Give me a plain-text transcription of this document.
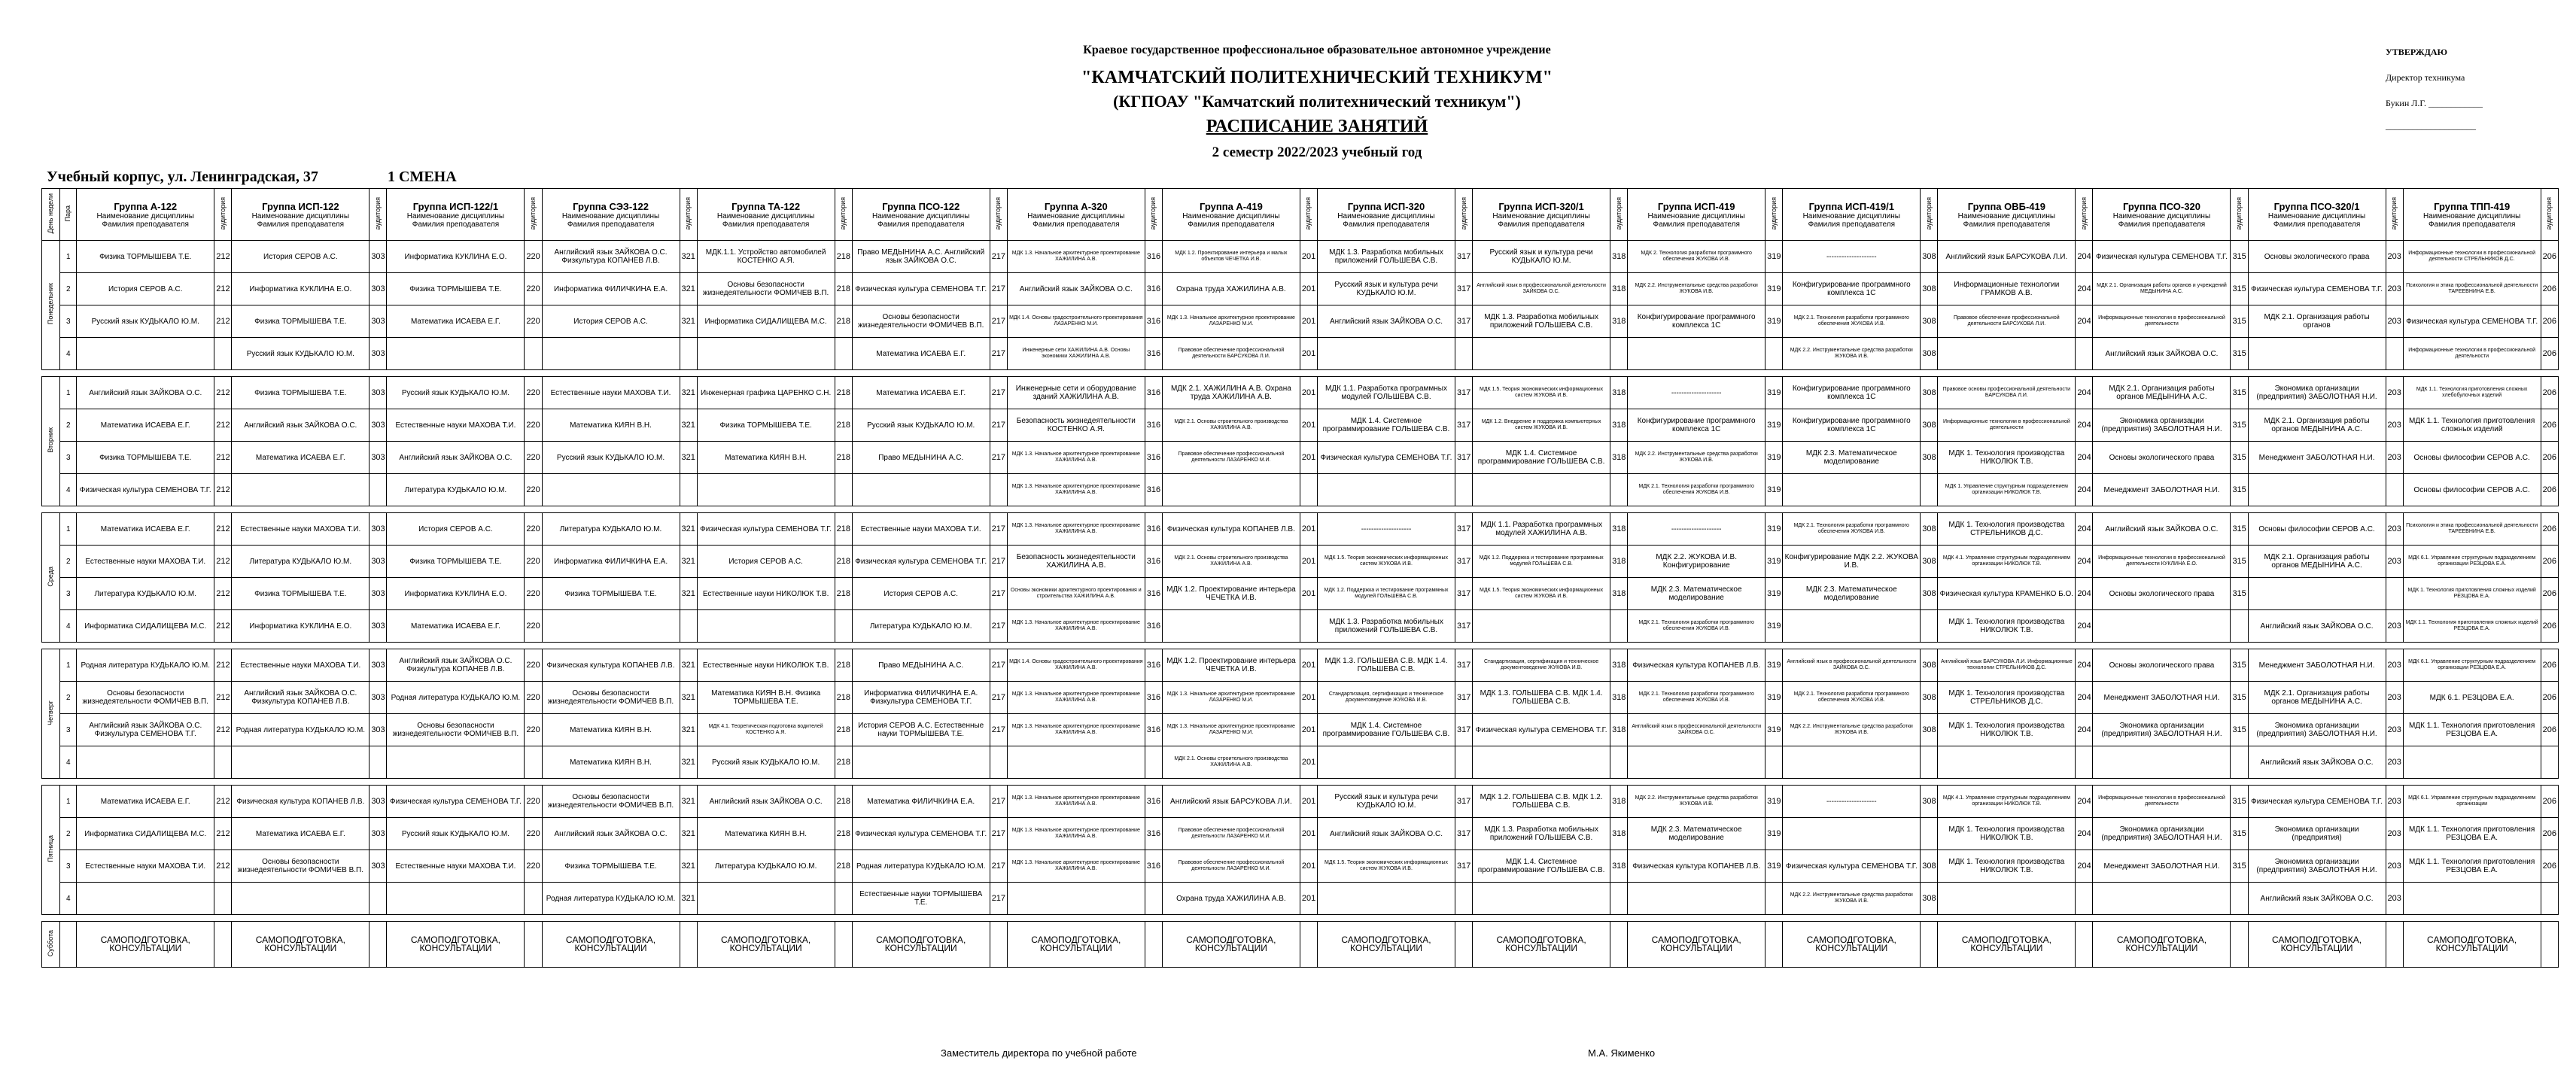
Краевое государственное профессиональное образовательное автономное учреждение
"КАМЧАТСКИЙ ПОЛИТЕХНИЧЕСКИЙ ТЕХНИКУМ"
(КГПОАУ "Камчатский политехнический техникум")
РАСПИСАНИЕ ЗАНЯТИЙ
2 семестр 2022/2023 учебный год
УТВЕРЖДАЮ
Директор техникума
Букин Л.Г. ____________
____________________
Учебный корпус, ул. Ленинградская, 37	1 СМЕНА
День недели	Пара	Группа А-122
Наименование дисциплины
Фамилия преподавателя	аудитория	Группа ИСП-122
Наименование дисциплины
Фамилия преподавателя	аудитория	Группа ИСП-122/1
Наименование дисциплины
Фамилия преподавателя	аудитория	Группа СЭЗ-122
Наименование дисциплины
Фамилия преподавателя	аудитория	Группа ТА-122
Наименование дисциплины
Фамилия преподавателя	аудитория	Группа ПСО-122
Наименование дисциплины
Фамилия преподавателя	аудитория	Группа А-320
Наименование дисциплины
Фамилия преподавателя	аудитория	Группа А-419
Наименование дисциплины
Фамилия преподавателя	аудитория	Группа ИСП-320
Наименование дисциплины
Фамилия преподавателя	аудитория	Группа ИСП-320/1
Наименование дисциплины
Фамилия преподавателя	аудитория	Группа ИСП-419
Наименование дисциплины
Фамилия преподавателя	аудитория	Группа ИСП-419/1
Наименование дисциплины
Фамилия преподавателя	аудитория	Группа ОВБ-419
Наименование дисциплины
Фамилия преподавателя	аудитория	Группа ПСО-320
Наименование дисциплины
Фамилия преподавателя	аудитория	Группа ПСО-320/1
Наименование дисциплины
Фамилия преподавателя	аудитория	Группа ТПП-419
Наименование дисциплины
Фамилия преподавателя	аудитория
Понедельник	1	Физика ТОРМЫШЕВА Т.Е.	212	История СЕРОВ А.С.	303	Информатика КУКЛИНА Е.О.	220	Английский язык ЗАЙКОВА О.С. Физкультура КОПАНЕВ Л.В.	321	МДК.1.1. Устройство автомобилей КОСТЕНКО А.Я.	218	Право МЕДЫНИНА А.С. Английский язык ЗАЙКОВА О.С.	217	МДК 1.3. Начальное архитектурное проектирование ХАЖИЛИНА А.В.	316	МДК 1.2. Проектирование интерьера и малых объектов ЧЕЧЕТКА И.В.	201	МДК 1.3. Разработка мобильных приложений ГОЛЬШЕВА С.В.	317	Русский язык и культура речи КУДЬКАЛО Ю.М.	318	МДК 2. Технология разработки программного обеспечения ЖУКОВА И.В.	319	--------------------	308	Английский язык БАРСУКОВА Л.И.	204	Физическая культура СЕМЕНОВА Т.Г.	315	Основы экологического права	203	Информационные технологии в профессиональной деятельности СТРЕЛЬНИКОВ Д.С.	206
	2	История СЕРОВ А.С.	212	Информатика КУКЛИНА Е.О.	303	Физика ТОРМЫШЕВА Т.Е.	220	Информатика ФИЛИЧКИНА Е.А.	321	Основы безопасности жизнедеятельности ФОМИЧЕВ В.П.	218	Физическая культура СЕМЕНОВА Т.Г.	217	Английский язык ЗАЙКОВА О.С.	316	Охрана труда ХАЖИЛИНА А.В.	201	Русский язык и культура речи КУДЬКАЛО Ю.М.	317	Английский язык в профессиональной деятельности ЗАЙКОВА О.С.	318	МДК 2.2. Инструментальные средства разработки ЖУКОВА И.В.	319	Конфигурирование программного комплекса 1С	308	Информационные технологии ГРАМКОВ А.В.	204	МДК 2.1. Организация работы органов и учреждений МЕДЫНИНА А.С.	315	Физическая культура СЕМЕНОВА Т.Г.	203	Психология и этика профессиональной деятельности ТАРЕЕВНИНА Е.В.	206
	3	Русский язык КУДЬКАЛО Ю.М.	212	Физика ТОРМЫШЕВА Т.Е.	303	Математика ИСАЕВА Е.Г.	220	История СЕРОВ А.С.	321	Информатика СИДАЛИЩЕВА М.С.	218	Основы безопасности жизнедеятельности ФОМИЧЕВ В.П.	217	МДК 1.4. Основы градостроительного проектирования ЛАЗАРЕНКО М.И.	316	МДК 1.3. Начальное архитектурное проектирование ЛАЗАРЕНКО М.И.	201	Английский язык ЗАЙКОВА О.С.	317	МДК 1.3. Разработка мобильных приложений ГОЛЬШЕВА С.В.	318	Конфигурирование программного комплекса 1С	319	МДК 2.1. Технология разработки программного обеспечения ЖУКОВА И.В.	308	Правовое обеспечение профессиональной деятельности БАРСУКОВА Л.И.	204	Информационные технологии в профессиональной деятельности	315	МДК 2.1. Организация работы органов	203	Физическая культура СЕМЕНОВА Т.Г.	206
	4			Русский язык КУДЬКАЛО Ю.М.	303							Математика ИСАЕВА Е.Г.	217	Инженерные сети ХАЖИЛИНА А.В. Основы экономики ХАЖИЛИНА А.В.	316	Правовое обеспечение профессиональной деятельности БАРСУКОВА Л.И.	201							МДК 2.2. Инструментальные средства разработки ЖУКОВА И.В.	308			Английский язык ЗАЙКОВА О.С.	315			Информационные технологии в профессиональной деятельности	206

Вторник	1	Английский язык ЗАЙКОВА О.С.	212	Физика ТОРМЫШЕВА Т.Е.	303	Русский язык КУДЬКАЛО Ю.М.	220	Естественные науки МАХОВА Т.И.	321	Инженерная графика ЦАРЕНКО С.Н.	218	Математика ИСАЕВА Е.Г.	217	Инженерные сети и оборудование зданий ХАЖИЛИНА А.В.	316	МДК 2.1. ХАЖИЛИНА А.В. Охрана труда ХАЖИЛИНА А.В.	201	МДК 1.1. Разработка программных модулей ГОЛЬШЕВА С.В.	317	МДК 1.5. Теория экономических информационных систем ЖУКОВА И.В.	318	--------------------	319	Конфигурирование программного комплекса 1С	308	Правовое основы профессиональной деятельности БАРСУКОВА Л.И.	204	МДК 2.1. Организация работы органов МЕДЫНИНА А.С.	315	Экономика организации (предприятия) ЗАБОЛОТНАЯ Н.И.	203	МДК 1.1. Технология приготовления сложных хлебобулочных изделий	206
	2	Математика ИСАЕВА Е.Г.	212	Английский язык ЗАЙКОВА О.С.	303	Естественные науки МАХОВА Т.И.	220	Математика КИЯН В.Н.	321	Физика ТОРМЫШЕВА Т.Е.	218	Русский язык КУДЬКАЛО Ю.М.	217	Безопасность жизнедеятельности КОСТЕНКО А.Я.	316	МДК 2.1. Основы строительного производства ХАЖИЛИНА А.В.	201	МДК 1.4. Системное программирование ГОЛЬШЕВА С.В.	317	МДК 1.2. Внедрение и поддержка компьютерных систем ЖУКОВА И.В.	318	Конфигурирование программного комплекса 1С	319	Конфигурирование программного комплекса 1С	308	Информационные технологии в профессиональной деятельности	204	Экономика организации (предприятия) ЗАБОЛОТНАЯ Н.И.	315	МДК 2.1. Организация работы органов МЕДЫНИНА А.С.	203	МДК 1.1. Технология приготовления сложных изделий	206
	3	Физика ТОРМЫШЕВА Т.Е.	212	Математика ИСАЕВА Е.Г.	303	Английский язык ЗАЙКОВА О.С.	220	Русский язык КУДЬКАЛО Ю.М.	321	Математика КИЯН В.Н.	218	Право МЕДЫНИНА А.С.	217	МДК 1.3. Начальное архитектурное проектирование ХАЖИЛИНА А.В.	316	Правовое обеспечение профессиональной деятельности ЛАЗАРЕНКО М.И.	201	Физическая культура СЕМЕНОВА Т.Г.	317	МДК 1.4. Системное программирование ГОЛЬШЕВА С.В.	318	МДК 2.2. Инструментальные средства разработки ЖУКОВА И.В.	319	МДК 2.3. Математическое моделирование	308	МДК 1. Технология производства НИКОЛЮК Т.В.	204	Основы экологического права	315	Менеджмент ЗАБОЛОТНАЯ Н.И.	203	Основы философии СЕРОВ А.С.	206
	4	Физическая культура СЕМЕНОВА Т.Г.	212			Литература КУДЬКАЛО Ю.М.	220							МДК 1.3. Начальное архитектурное проектирование ХАЖИЛИНА А.В.	316							МДК 2.1. Технология разработки программного обеспечения ЖУКОВА И.В.	319			МДК 1. Управление структурным подразделением организации НИКОЛЮК Т.В.	204	Менеджмент ЗАБОЛОТНАЯ Н.И.	315			Основы философии СЕРОВ А.С.	206

Среда	1	Математика ИСАЕВА Е.Г.	212	Естественные науки МАХОВА Т.И.	303	История СЕРОВ А.С.	220	Литература КУДЬКАЛО Ю.М.	321	Физическая культура СЕМЕНОВА Т.Г.	218	Естественные науки МАХОВА Т.И.	217	МДК 1.3. Начальное архитектурное проектирование ХАЖИЛИНА А.В.	316	Физическая культура КОПАНЕВ Л.В.	201	--------------------	317	МДК 1.1. Разработка программных модулей ХАЖИЛИНА А.В.	318	--------------------	319	МДК 2.1. Технология разработки программного обеспечения ЖУКОВА И.В.	308	МДК 1. Технология производства СТРЕЛЬНИКОВ Д.С.	204	Английский язык ЗАЙКОВА О.С.	315	Основы философии СЕРОВ А.С.	203	Психология и этика профессиональной деятельности ТАРЕЕВНИНА Е.В.	206
	2	Естественные науки МАХОВА Т.И.	212	Литература КУДЬКАЛО Ю.М.	303	Физика ТОРМЫШЕВА Т.Е.	220	Информатика ФИЛИЧКИНА Е.А.	321	История СЕРОВ А.С.	218	Физическая культура СЕМЕНОВА Т.Г.	217	Безопасность жизнедеятельности ХАЖИЛИНА А.В.	316	МДК 2.1. Основы строительного производства ХАЖИЛИНА А.В.	201	МДК 1.5. Теория экономических информационных систем ЖУКОВА И.В.	317	МДК 1.2. Поддержка и тестирование программных модулей ГОЛЬШЕВА С.В.	318	МДК 2.2. ЖУКОВА И.В. Конфигурирование	319	Конфигурирование МДК 2.2. ЖУКОВА И.В.	308	МДК 4.1. Управление структурным подразделением организации НИКОЛЮК Т.В.	204	Информационные технологии в профессиональной деятельности КУКЛИНА Е.О.	315	МДК 2.1. Организация работы органов МЕДЫНИНА А.С.	203	МДК 6.1. Управление структурным подразделением организации РЕЗЦОВА Е.А.	206
	3	Литература КУДЬКАЛО Ю.М.	212	Физика ТОРМЫШЕВА Т.Е.	303	Информатика КУКЛИНА Е.О.	220	Физика ТОРМЫШЕВА Т.Е.	321	Естественные науки НИКОЛЮК Т.В.	218	История СЕРОВ А.С.	217	Основы экономики архитектурного проектирования и строительства ХАЖИЛИНА А.В.	316	МДК 1.2. Проектирование интерьера ЧЕЧЕТКА И.В.	201	МДК 1.2. Поддержка и тестирование программных модулей ГОЛЬШЕВА С.В.	317	МДК 1.5. Теория экономических информационных систем ЖУКОВА И.В.	318	МДК 2.3. Математическое моделирование	319	МДК 2.3. Математическое моделирование	308	Физическая культура КРАМЕНКО Б.О.	204	Основы экологического права	315			МДК 1. Технология приготовления сложных изделий РЕЗЦОВА Е.А.	206
	4	Информатика СИДАЛИЩЕВА М.С.	212	Информатика КУКЛИНА Е.О.	303	Математика ИСАЕВА Е.Г.	220					Литература КУДЬКАЛО Ю.М.	217	МДК 1.3. Начальное архитектурное проектирование ХАЖИЛИНА А.В.	316			МДК 1.3. Разработка мобильных приложений ГОЛЬШЕВА С.В.	317			МДК 2.1. Технология разработки программного обеспечения ЖУКОВА И.В.	319			МДК 1. Технология производства НИКОЛЮК Т.В.	204			Английский язык ЗАЙКОВА О.С.	203	МДК 1.1. Технология приготовления сложных изделий РЕЗЦОВА Е.А.	206

Четверг	1	Родная литература КУДЬКАЛО Ю.М.	212	Естественные науки МАХОВА Т.И.	303	Английский язык ЗАЙКОВА О.С. Физкультура КОПАНЕВ Л.В.	220	Физическая культура КОПАНЕВ Л.В.	321	Естественные науки НИКОЛЮК Т.В.	218	Право МЕДЫНИНА А.С.	217	МДК 1.4. Основы градостроительного проектирования ХАЖИЛИНА А.В.	316	МДК 1.2. Проектирование интерьера ЧЕЧЕТКА И.В.	201	МДК 1.3. ГОЛЬШЕВА С.В. МДК 1.4. ГОЛЬШЕВА С.В.	317	Стандартизация, сертификация и техническое документоведение ЖУКОВА И.В.	318	Физическая культура КОПАНЕВ Л.В.	319	Английский язык в профессиональной деятельности ЗАЙКОВА О.С.	308	Английский язык БАРСУКОВА Л.И. Информационные технологии СТРЕЛЬНИКОВ Д.С.	204	Основы экологического права	315	Менеджмент ЗАБОЛОТНАЯ Н.И.	203	МДК 6.1. Управление структурным подразделением организации РЕЗЦОВА Е.А.	206
	2	Основы безопасности жизнедеятельности ФОМИЧЕВ В.П.	212	Английский язык ЗАЙКОВА О.С. Физкультура КОПАНЕВ Л.В.	303	Родная литература КУДЬКАЛО Ю.М.	220	Основы безопасности жизнедеятельности ФОМИЧЕВ В.П.	321	Математика КИЯН В.Н. Физика ТОРМЫШЕВА Т.Е.	218	Информатика ФИЛИЧКИНА Е.А. Физкультура СЕМЕНОВА Т.Г.	217	МДК 1.3. Начальное архитектурное проектирование ХАЖИЛИНА А.В.	316	МДК 1.3. Начальное архитектурное проектирование ЛАЗАРЕНКО М.И.	201	Стандартизация, сертификация и техническое документоведение ЖУКОВА И.В.	317	МДК 1.3. ГОЛЬШЕВА С.В. МДК 1.4. ГОЛЬШЕВА С.В.	318	МДК 2.1. Технология разработки программного обеспечения ЖУКОВА И.В.	319	МДК 2.1. Технология разработки программного обеспечения ЖУКОВА И.В.	308	МДК 1. Технология производства СТРЕЛЬНИКОВ Д.С.	204	Менеджмент ЗАБОЛОТНАЯ Н.И.	315	МДК 2.1. Организация работы органов МЕДЫНИНА А.С.	203	МДК 6.1. РЕЗЦОВА Е.А.	206
	3	Английский язык ЗАЙКОВА О.С. Физкультура СЕМЕНОВА Т.Г.	212	Родная литература КУДЬКАЛО Ю.М.	303	Основы безопасности жизнедеятельности ФОМИЧЕВ В.П.	220	Математика КИЯН В.Н.	321	МДК 4.1. Теоретическая подготовка водителей КОСТЕНКО А.Я.	218	История СЕРОВ А.С. Естественные науки ТОРМЫШЕВА Т.Е.	217	МДК 1.3. Начальное архитектурное проектирование ХАЖИЛИНА А.В.	316	МДК 1.3. Начальное архитектурное проектирование ЛАЗАРЕНКО М.И.	201	МДК 1.4. Системное программирование ГОЛЬШЕВА С.В.	317	Физическая культура СЕМЕНОВА Т.Г.	318	Английский язык в профессиональной деятельности ЗАЙКОВА О.С.	319	МДК 2.2. Инструментальные средства разработки ЖУКОВА И.В.	308	МДК 1. Технология производства НИКОЛЮК Т.В.	204	Экономика организации (предприятия) ЗАБОЛОТНАЯ Н.И.	315	Экономика организации (предприятия) ЗАБОЛОТНАЯ Н.И.	203	МДК 1.1. Технология приготовления РЕЗЦОВА Е.А.	206
	4							Математика КИЯН В.Н.	321	Русский язык КУДЬКАЛО Ю.М.	218					МДК 2.1. Основы строительного производства ХАЖИЛИНА А.В.	201													Английский язык ЗАЙКОВА О.С.	203		

Пятница	1	Математика ИСАЕВА Е.Г.	212	Физическая культура КОПАНЕВ Л.В.	303	Физическая культура СЕМЕНОВА Т.Г.	220	Основы безопасности жизнедеятельности ФОМИЧЕВ В.П.	321	Английский язык ЗАЙКОВА О.С.	218	Математика ФИЛИЧКИНА Е.А.	217	МДК 1.3. Начальное архитектурное проектирование ХАЖИЛИНА А.В.	316	Английский язык БАРСУКОВА Л.И.	201	Русский язык и культура речи КУДЬКАЛО Ю.М.	317	МДК 1.2. ГОЛЬШЕВА С.В. МДК 1.2. ГОЛЬШЕВА С.В.	318	МДК 2.2. Инструментальные средства разработки ЖУКОВА И.В.	319	--------------------	308	МДК 4.1. Управление структурным подразделением организации НИКОЛЮК Т.В.	204	Информационные технологии в профессиональной деятельности	315	Физическая культура СЕМЕНОВА Т.Г.	203	МДК 6.1. Управление структурным подразделением организации	206
	2	Информатика СИДАЛИЩЕВА М.С.	212	Математика ИСАЕВА Е.Г.	303	Русский язык КУДЬКАЛО Ю.М.	220	Английский язык ЗАЙКОВА О.С.	321	Математика КИЯН В.Н.	218	Физическая культура СЕМЕНОВА Т.Г.	217	МДК 1.3. Начальное архитектурное проектирование ХАЖИЛИНА А.В.	316	Правовое обеспечение профессиональной деятельности ЛАЗАРЕНКО М.И.	201	Английский язык ЗАЙКОВА О.С.	317	МДК 1.3. Разработка мобильных приложений ГОЛЬШЕВА С.В.	318	МДК 2.3. Математическое моделирование	319			МДК 1. Технология производства НИКОЛЮК Т.В.	204	Экономика организации (предприятия) ЗАБОЛОТНАЯ Н.И.	315	Экономика организации (предприятия)	203	МДК 1.1. Технология приготовления РЕЗЦОВА Е.А.	206
	3	Естественные науки МАХОВА Т.И.	212	Основы безопасности жизнедеятельности ФОМИЧЕВ В.П.	303	Естественные науки МАХОВА Т.И.	220	Физика ТОРМЫШЕВА Т.Е.	321	Литература КУДЬКАЛО Ю.М.	218	Родная литература КУДЬКАЛО Ю.М.	217	МДК 1.3. Начальное архитектурное проектирование ХАЖИЛИНА А.В.	316	Правовое обеспечение профессиональной деятельности ЛАЗАРЕНКО М.И.	201	МДК 1.5. Теория экономических информационных систем ЖУКОВА И.В.	317	МДК 1.4. Системное программирование ГОЛЬШЕВА С.В.	318	Физическая культура КОПАНЕВ Л.В.	319	Физическая культура СЕМЕНОВА Т.Г.	308	МДК 1. Технология производства НИКОЛЮК Т.В.	204	Менеджмент ЗАБОЛОТНАЯ Н.И.	315	Экономика организации (предприятия) ЗАБОЛОТНАЯ Н.И.	203	МДК 1.1. Технология приготовления РЕЗЦОВА Е.А.	206
	4							Родная литература КУДЬКАЛО Ю.М.	321			Естественные науки ТОРМЫШЕВА Т.Е.	217			Охрана труда ХАЖИЛИНА А.В.	201							МДК 2.2. Инструментальные средства разработки ЖУКОВА И.В.	308					Английский язык ЗАЙКОВА О.С.	203		

Суббота		САМОПОДГОТОВКА, КОНСУЛЬТАЦИИ		САМОПОДГОТОВКА, КОНСУЛЬТАЦИИ		САМОПОДГОТОВКА, КОНСУЛЬТАЦИИ		САМОПОДГОТОВКА, КОНСУЛЬТАЦИИ		САМОПОДГОТОВКА, КОНСУЛЬТАЦИИ		САМОПОДГОТОВКА, КОНСУЛЬТАЦИИ		САМОПОДГОТОВКА, КОНСУЛЬТАЦИИ		САМОПОДГОТОВКА, КОНСУЛЬТАЦИИ		САМОПОДГОТОВКА, КОНСУЛЬТАЦИИ		САМОПОДГОТОВКА, КОНСУЛЬТАЦИИ		САМОПОДГОТОВКА, КОНСУЛЬТАЦИИ		САМОПОДГОТОВКА, КОНСУЛЬТАЦИИ		САМОПОДГОТОВКА, КОНСУЛЬТАЦИИ		САМОПОДГОТОВКА, КОНСУЛЬТАЦИИ		САМОПОДГОТОВКА, КОНСУЛЬТАЦИИ		САМОПОДГОТОВКА, КОНСУЛЬТАЦИИ	
Заместитель директора по учебной работе	М.А. Якименко
